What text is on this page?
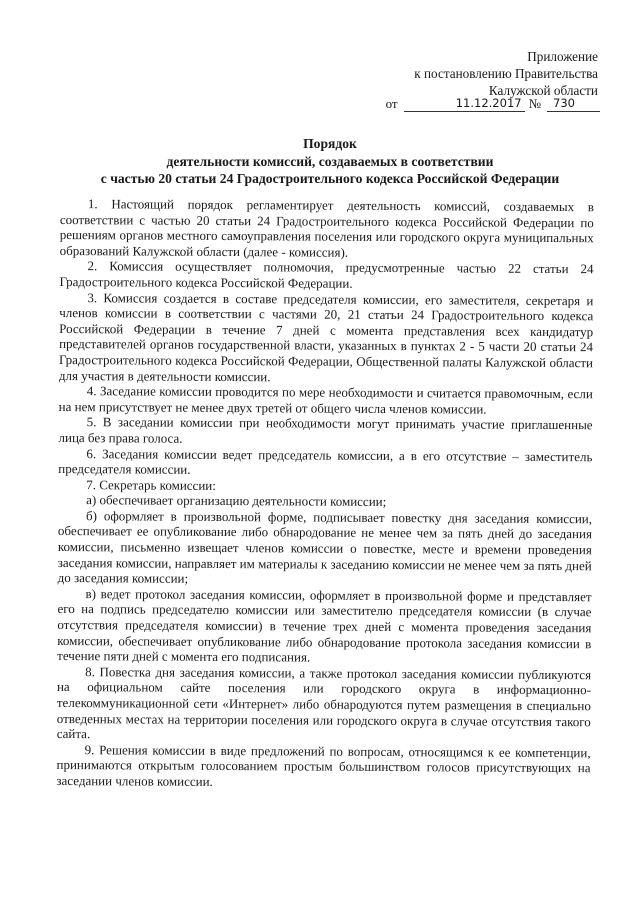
Приложение
к постановлению Правительства
Калужской области
от	11.12.2017 №	730
Порядок
деятельности комиссий, создаваемых в соответствии
с частью 20 статьи 24 Градостроительного кодекса Российской Федерации

1. Настоящий порядок регламентирует деятельность комиссий, создаваемых в соответствии с частью 20 статьи 24 Градостроительного кодекса Российской Федерации по решениям органов местного самоуправления поселения или городского округа муниципальных образований Калужской области (далее - комиссия).

2. Комиссия осуществляет полномочия, предусмотренные частью 22 статьи 24 Градостроительного кодекса Российской Федерации.

3. Комиссия создается в составе председателя комиссии, его заместителя, секретаря и членов комиссии в соответствии с частями 20, 21 статьи 24 Градостроительного кодекса Российской Федерации в течение 7 дней с момента представления всех кандидатур представителей органов государственной власти, указанных в пунктах 2 - 5 части 20 статьи 24 Градостроительного кодекса Российской Федерации, Общественной палаты Калужской области для участия в деятельности комиссии.

4. Заседание комиссии проводится по мере необходимости и считается правомочным, если на нем присутствует не менее двух третей от общего числа членов комиссии.

5. В заседании комиссии при необходимости могут принимать участие приглашенные лица без права голоса.

6. Заседания комиссии ведет председатель комиссии, а в его отсутствие – заместитель председателя комиссии.

7. Секретарь комиссии:

а) обеспечивает организацию деятельности комиссии;

б) оформляет в произвольной форме, подписывает повестку дня заседания комиссии, обеспечивает ее опубликование либо обнародование не менее чем за пять дней до заседания комиссии, письменно извещает членов комиссии о повестке, месте и времени проведения заседания комиссии, направляет им материалы к заседанию комиссии не менее чем за пять дней до заседания комиссии;

в) ведет протокол заседания комиссии, оформляет в произвольной форме и представляет его на подпись председателю комиссии или заместителю председателя комиссии (в случае отсутствия председателя комиссии) в течение трех дней с момента проведения заседания комиссии, обеспечивает опубликование либо обнародование протокола заседания комиссии в течение пяти дней с момента его подписания.

8. Повестка дня заседания комиссии, а также протокол заседания комиссии публикуются на официальном сайте поселения или городского округа в информационно-телекоммуникационной сети «Интернет» либо обнародуются путем размещения в специально отведенных местах на территории поселения или городского округа в случае отсутствия такого сайта.

9. Решения комиссии в виде предложений по вопросам, относящимся к ее компетенции, принимаются открытым голосованием простым большинством голосов присутствующих на заседании членов комиссии.
